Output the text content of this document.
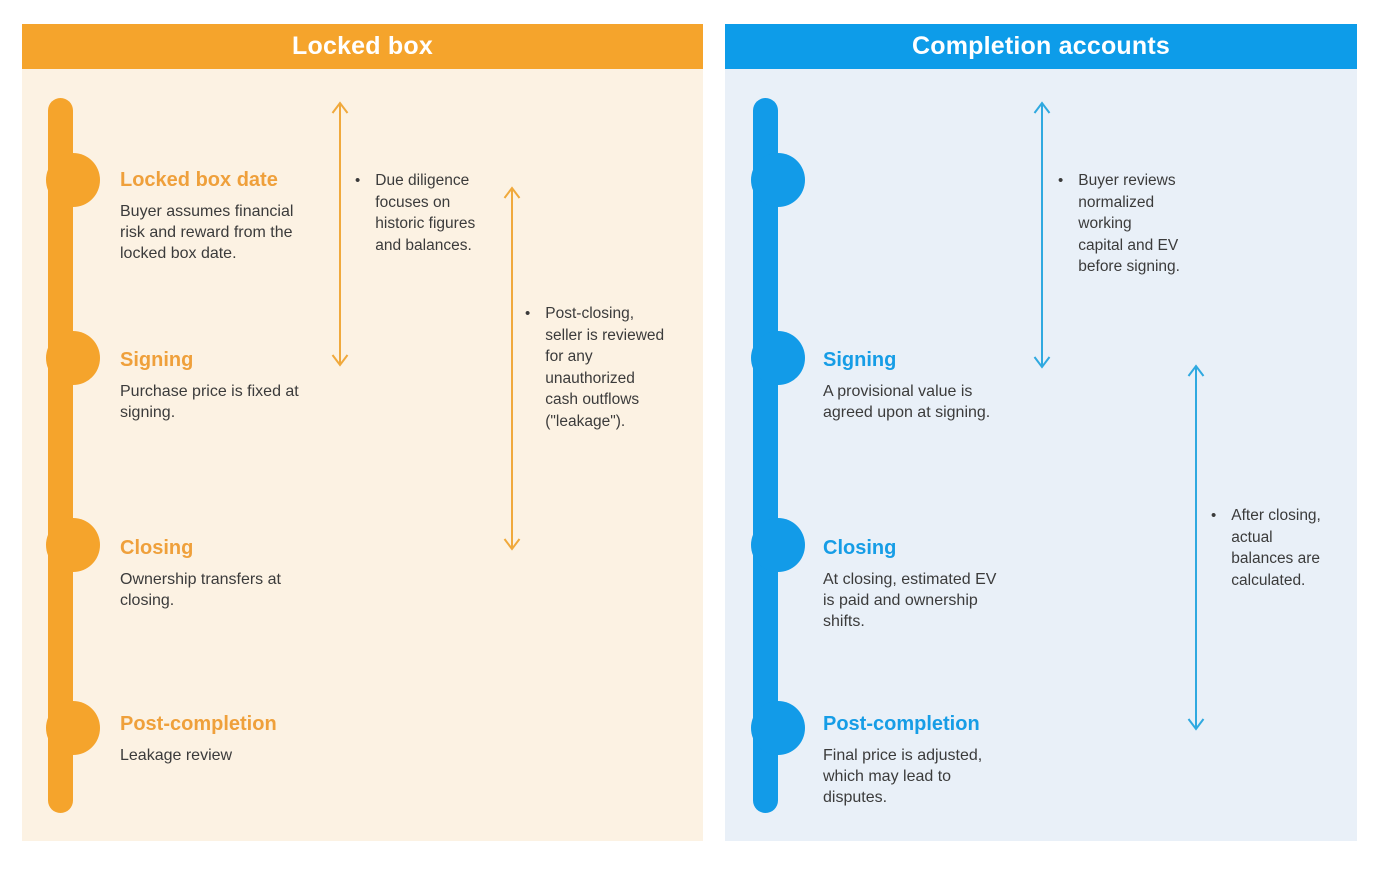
Locked box
Locked box date
Buyer assumes financial risk and reward from the locked box date.
Signing
Purchase price is fixed at signing.
Closing
Ownership transfers at closing.
Post-completion
Leakage review
• Due diligence focuses on historic figures and balances.
• Post-closing, seller is reviewed for any unauthorized cash outflows ("leakage").
Completion accounts
Signing
A provisional value is agreed upon at signing.
Closing
At closing, estimated EV is paid and ownership shifts.
Post-completion
Final price is adjusted, which may lead to disputes.
• Buyer reviews normalized working capital and EV before signing.
• After closing, actual balances are calculated.
